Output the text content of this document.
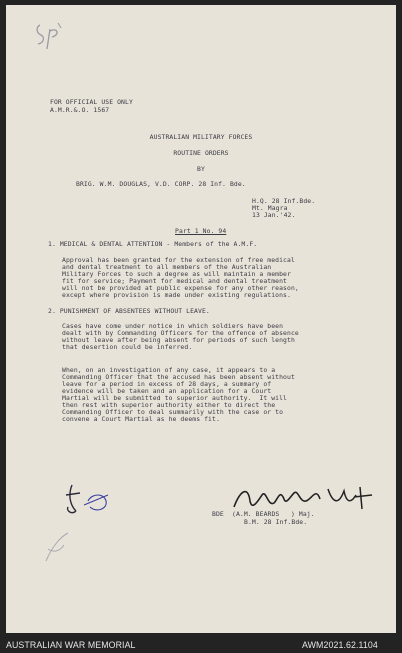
FOR OFFICIAL USE ONLY
A.M.R.&.O. 1567
AUSTRALIAN MILITARY FORCES
ROUTINE ORDERS
BY
BRIG. W.M. DOUGLAS, V.D. CORP. 28 Inf. Bde.
H.Q. 28 Inf.Bde.
Mt. Magra
13 Jan.'42.
Part 1 No. 94
1. MEDICAL & DENTAL ATTENTION - Members of the A.M.F.
Approval has been granted for the extension of free medical
and dental treatment to all members of the Australian
Military Forces to such a degree as will maintain a member
fit for service; Payment for medical and dental treatment
will not be provided at public expense for any other reason,
except where provision is made under existing regulations.
2. PUNISHMENT OF ABSENTEES WITHOUT LEAVE.
Cases have come under notice in which soldiers have been
dealt with by Commanding Officers for the offence of absence
without leave after being absent for periods of such length
that desertion could be inferred.
When, on an investigation of any case, it appears to a
Commanding Officer that the accused has been absent without
leave for a period in excess of 28 days, a summary of
evidence will be taken and an application for a Court
Martial will be submitted to superior authority.  It will
then rest with superior authority either to direct the
Commanding Officer to deal summarily with the case or to
convene a Court Martial as he deems fit.
BDE (A.M. BEARDS ) Maj.
B.M. 28 Inf.Bde.
AUSTRALIAN WAR MEMORIAL	AWM2021.62.1104
